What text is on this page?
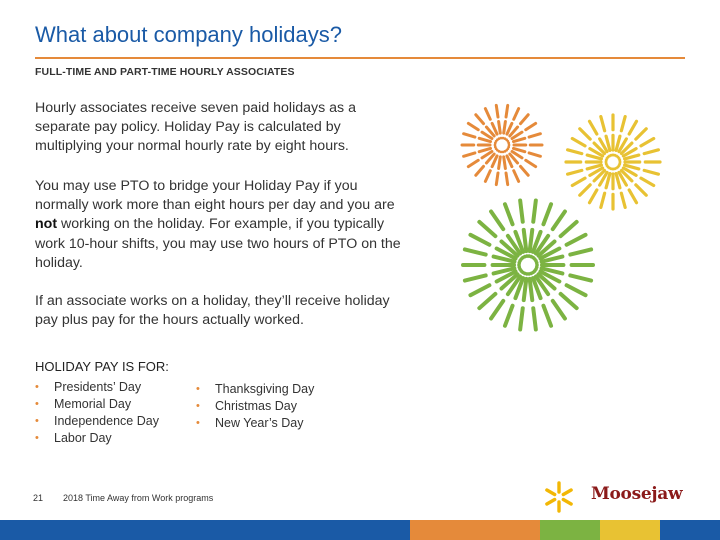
What about company holidays?
FULL-TIME AND PART-TIME HOURLY ASSOCIATES

Hourly associates receive seven paid holidays as a separate pay policy. Holiday Pay is calculated by multiplying your normal hourly rate by eight hours.

You may use PTO to bridge your Holiday Pay if you normally work more than eight hours per day and you are not working on the holiday. For example, if you typically work 10-hour shifts, you may use two hours of PTO on the holiday.

If an associate works on a holiday, they’ll receive holiday pay plus pay for the hours actually worked.

HOLIDAY PAY IS FOR:
• Presidents’ Day
• Memorial Day
• Independence Day
• Labor Day
• Thanksgiving Day
• Christmas Day
• New Year’s Day
21 2018 Time Away from Work programs	Moosejaw
